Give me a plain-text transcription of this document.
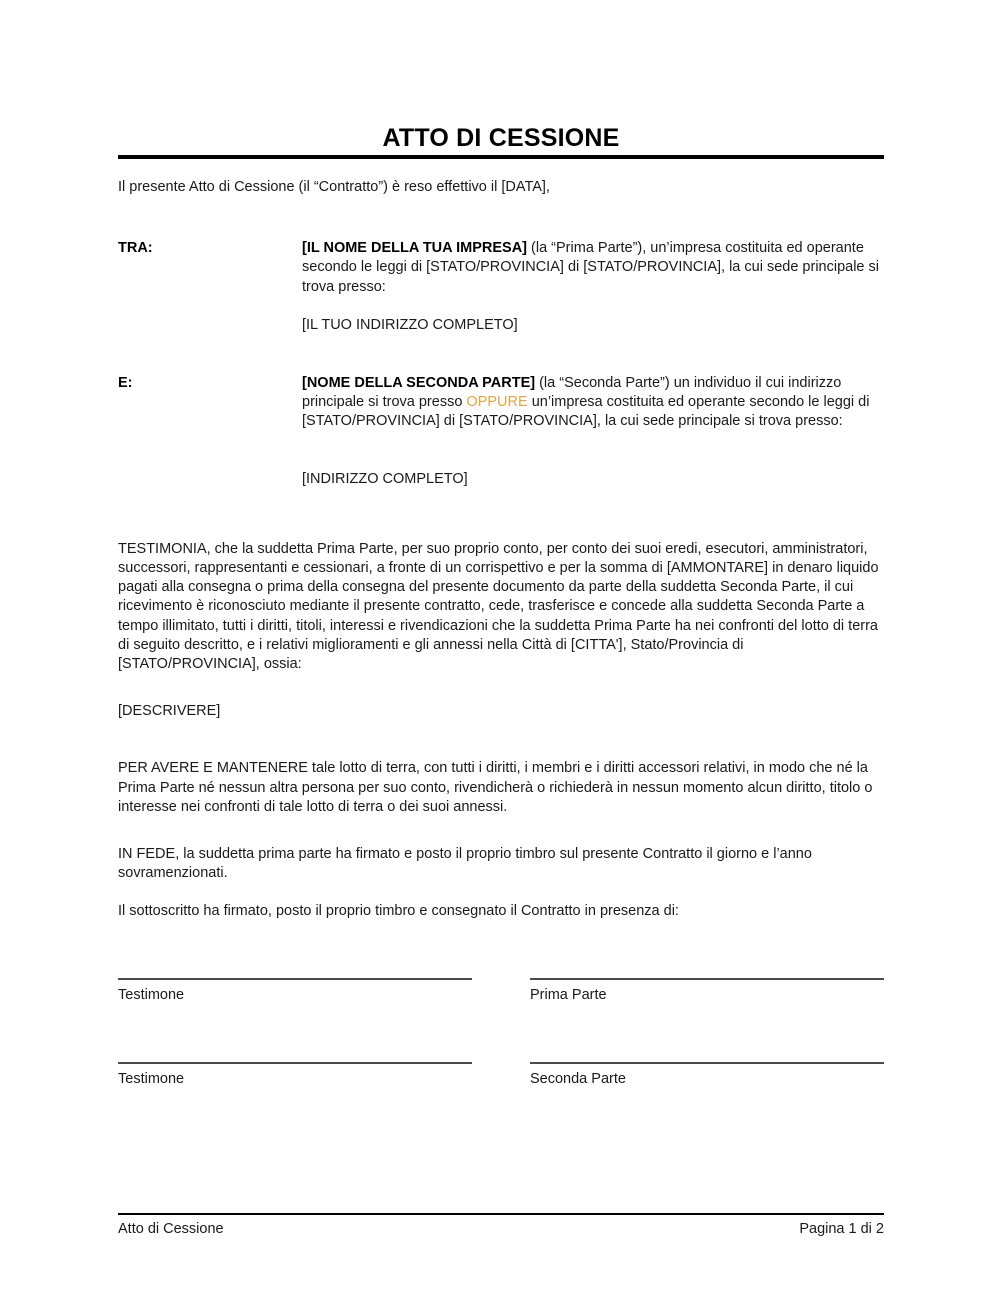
ATTO DI CESSIONE

Il presente Atto di Cessione (il “Contratto”) è reso effettivo il [DATA],

TRA:	[IL NOME DELLA TUA IMPRESA] (la “Prima Parte”), un’impresa costituita ed operante secondo le leggi di [STATO/PROVINCIA] di [STATO/PROVINCIA], la cui sede principale si trova presso:
[IL TUO INDIRIZZO COMPLETO]
E:	[NOME DELLA SECONDA PARTE] (la “Seconda Parte”) un individuo il cui indirizzo principale si trova presso OPPURE un’impresa costituita ed operante secondo le leggi di [STATO/PROVINCIA] di [STATO/PROVINCIA], la cui sede principale si trova presso:
[INDIRIZZO COMPLETO]

TESTIMONIA, che la suddetta Prima Parte, per suo proprio conto, per conto dei suoi eredi, esecutori, amministratori, successori, rappresentanti e cessionari, a fronte di un corrispettivo e per la somma di [AMMONTARE] in denaro liquido pagati alla consegna o prima della consegna del presente documento da parte della suddetta Seconda Parte, il cui ricevimento è riconosciuto mediante il presente contratto, cede, trasferisce e concede alla suddetta Seconda Parte a tempo illimitato, tutti i diritti, titoli, interessi e rivendicazioni che la suddetta Prima Parte ha nei confronti del lotto di terra di seguito descritto, e i relativi miglioramenti e gli annessi nella Città di [CITTA'], Stato/Provincia di [STATO/PROVINCIA], ossia:

[DESCRIVERE]

PER AVERE E MANTENERE tale lotto di terra, con tutti i diritti, i membri e i diritti accessori relativi, in modo che né la Prima Parte né nessun altra persona per suo conto, rivendicherà o richiederà in nessun momento alcun diritto, titolo o interesse nei confronti di tale lotto di terra o dei suoi annessi.

IN FEDE, la suddetta prima parte ha firmato e posto il proprio timbro sul presente Contratto il giorno e l’anno sovramenzionati.

Il sottoscritto ha firmato, posto il proprio timbro e consegnato il Contratto in presenza di:

Testimone	Prima Parte
Testimone	Seconda Parte
Atto di Cessione	Pagina 1 di 2
